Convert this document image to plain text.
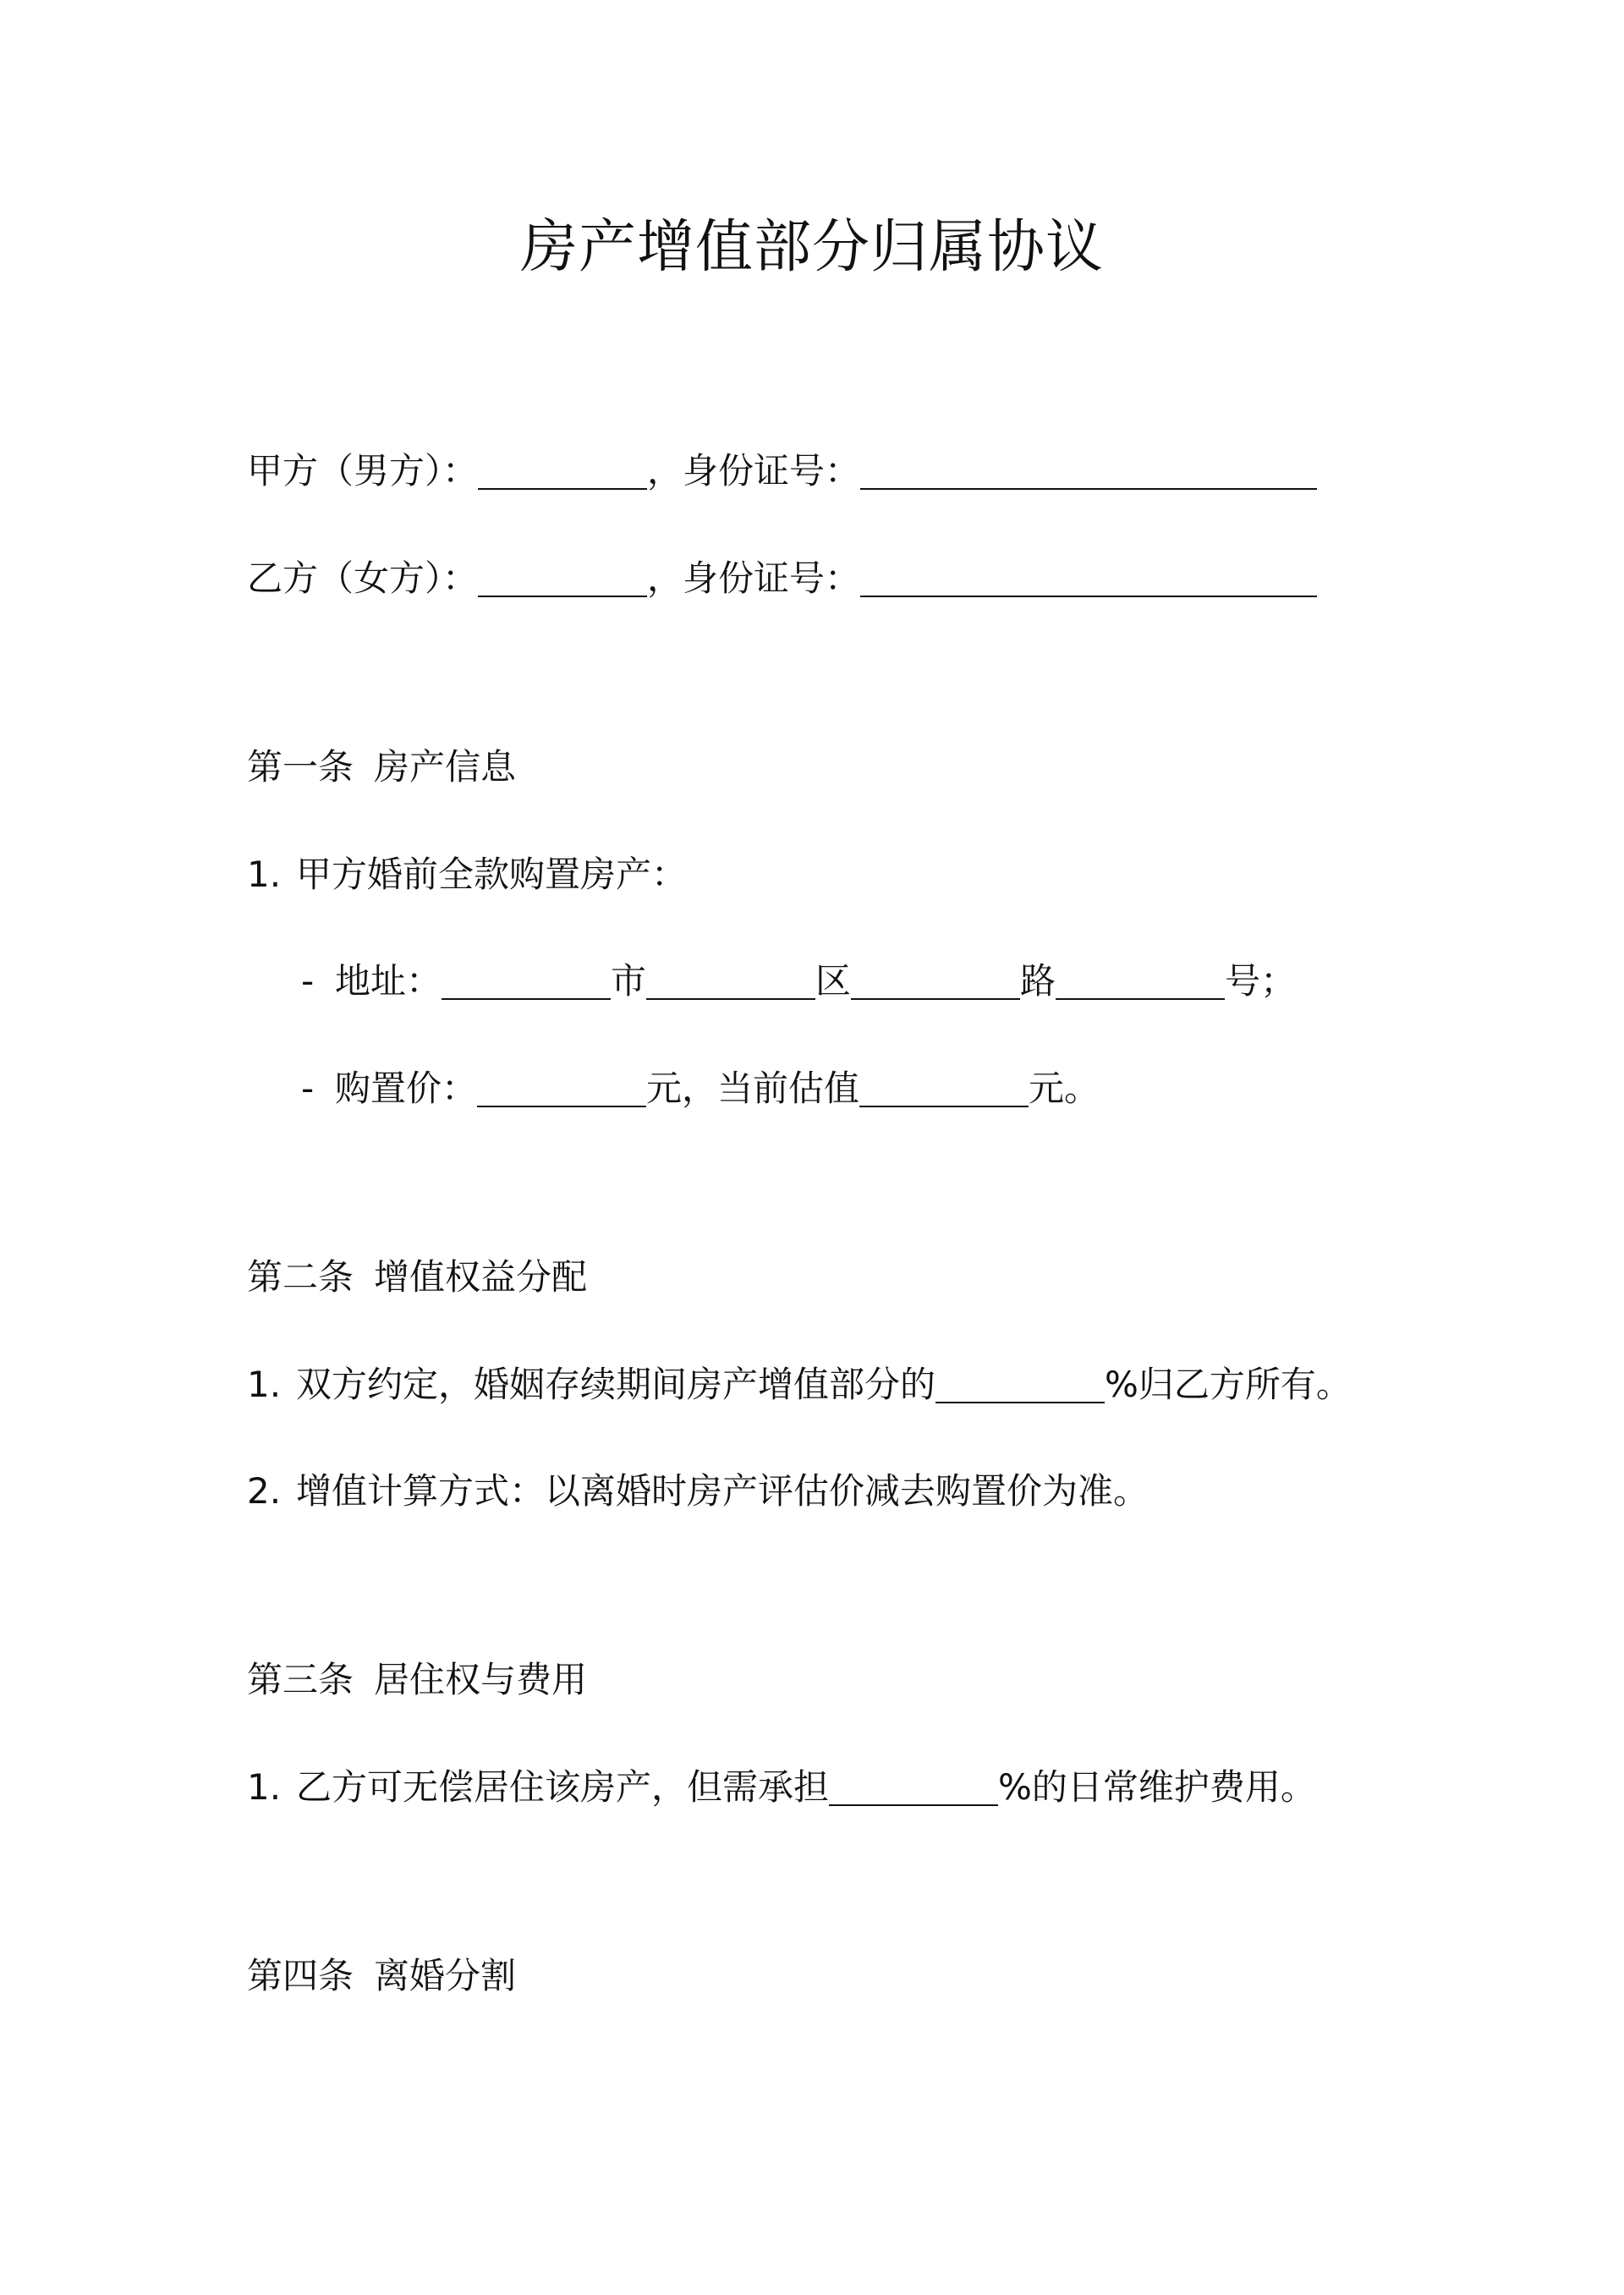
房产增值部分归属协议
甲方（男方）：	，身份证号：
乙方（女方）：	，身份证号：
第一条 房产信息
1. 甲方婚前全款购置房产：
- 地址：	市	区	路	号；
- 购置价：	元，当前估值	元。
第二条 增值权益分配
1. 双方约定，婚姻存续期间房产增值部分的	%归乙方所有。
2. 增值计算方式：以离婚时房产评估价减去购置价为准。
第三条 居住权与费用
1. 乙方可无偿居住该房产，但需承担	%的日常维护费用。
第四条 离婚分割
